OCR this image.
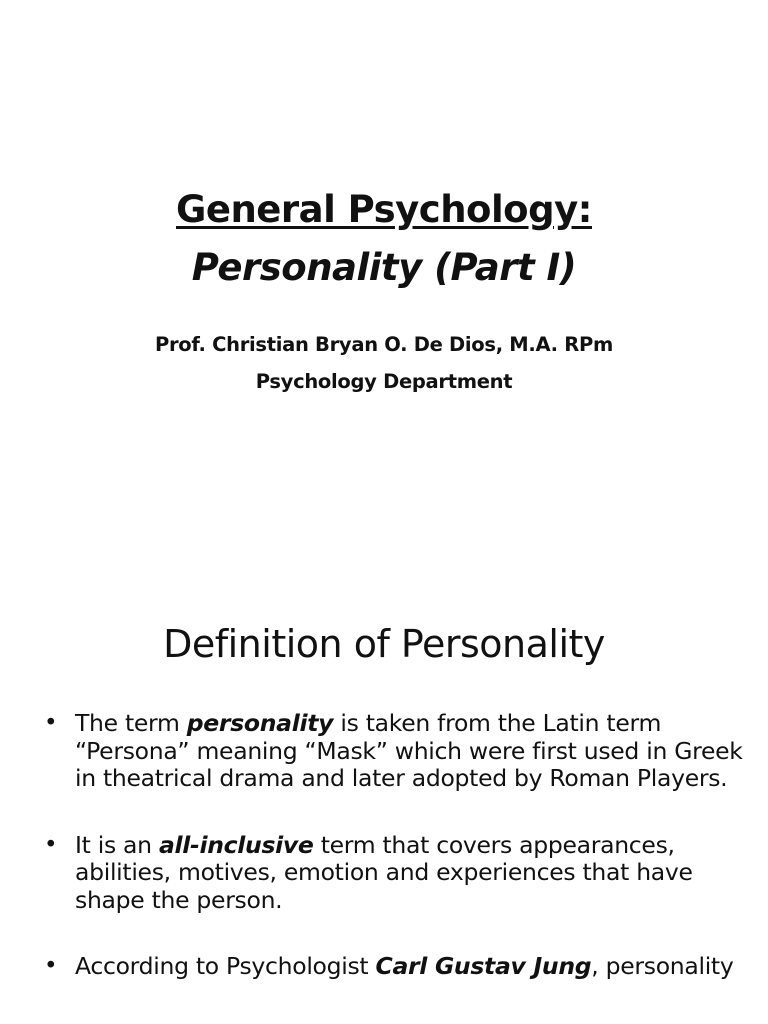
General Psychology:
Personality (Part I)
Prof. Christian Bryan O. De Dios, M.A. RPm
Psychology Department
Definition of Personality
• The term personality is taken from the Latin term “Persona” meaning “Mask” which were first used in Greek in theatrical drama and later adopted by Roman Players.
• It is an all-inclusive term that covers appearances, abilities, motives, emotion and experiences that have shape the person.
• According to Psychologist Carl Gustav Jung, personality
